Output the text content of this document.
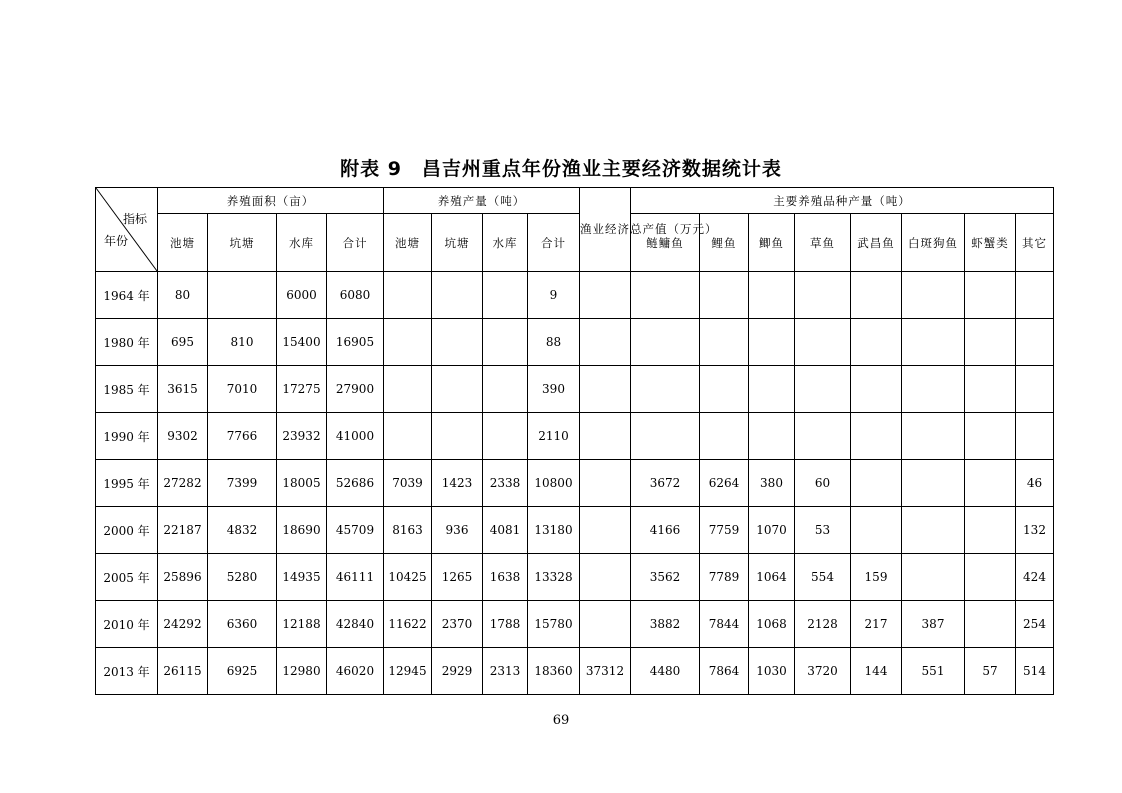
附表 9　昌吉州重点年份渔业主要经济数据统计表
指标
年份	养殖面积（亩）				养殖产量（吨）				渔业经济总产值（万元）	主要养殖品种产量（吨）							
	池塘	坑塘	水库	合计	池塘	坑塘	水库	合计		鲢鳙鱼	鲤鱼	鲫鱼	草鱼	武昌鱼	白斑狗鱼	虾蟹类	其它
1964 年	80		6000	6080				9									
1980 年	695	810	15400	16905				88									
1985 年	3615	7010	17275	27900				390									
1990 年	9302	7766	23932	41000				2110									
1995 年	27282	7399	18005	52686	7039	1423	2338	10800		3672	6264	380	60				46
2000 年	22187	4832	18690	45709	8163	936	4081	13180		4166	7759	1070	53				132
2005 年	25896	5280	14935	46111	10425	1265	1638	13328		3562	7789	1064	554	159			424
2010 年	24292	6360	12188	42840	11622	2370	1788	15780		3882	7844	1068	2128	217	387		254
2013 年	26115	6925	12980	46020	12945	2929	2313	18360	37312	4480	7864	1030	3720	144	551	57	514
69
